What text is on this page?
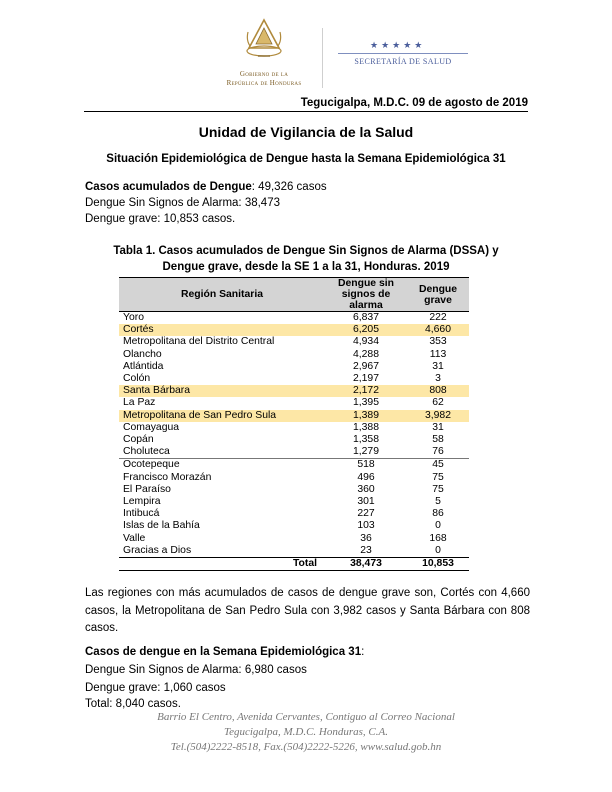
Gobierno de la
República de Honduras
★★★★★
SECRETARÍA DE SALUD
Tegucigalpa, M.D.C. 09 de agosto de 2019
Unidad de Vigilancia de la Salud
Situación Epidemiológica de Dengue hasta la Semana Epidemiológica 31
Casos acumulados de Dengue: 49,326 casos
Dengue Sin Signos de Alarma: 38,473
Dengue grave: 10,853 casos.
Tabla 1. Casos acumulados de Dengue Sin Signos de Alarma (DSSA) y
Dengue grave, desde la SE 1 a la 31, Honduras. 2019
Región Sanitaria	Dengue sin signos de alarma	Dengue grave
Yoro	6,837	222
Cortés	6,205	4,660
Metropolitana del Distrito Central	4,934	353
Olancho	4,288	113
Atlántida	2,967	31
Colón	2,197	3
Santa Bárbara	2,172	808
La Paz	1,395	62
Metropolitana de San Pedro Sula	1,389	3,982
Comayagua	1,388	31
Copán	1,358	58
Choluteca	1,279	76
Ocotepeque	518	45
Francisco Morazán	496	75
El Paraíso	360	75
Lempira	301	5
Intibucá	227	86
Islas de la Bahía	103	0
Valle	36	168
Gracias a Dios	23	0
Total	38,473	10,853
Las regiones con más acumulados de casos de dengue grave son, Cortés con 4,660 casos, la Metropolitana de San Pedro Sula con 3,982 casos y Santa Bárbara con 808 casos.
Casos de dengue en la Semana Epidemiológica 31:
Dengue Sin Signos de Alarma: 6,980 casos
Dengue grave: 1,060 casos
Total: 8,040 casos.
Barrio El Centro, Avenida Cervantes, Contiguo al Correo Nacional
Tegucigalpa, M.D.C. Honduras, C.A.
Tel.(504)2222-8518, Fax.(504)2222-5226, www.salud.gob.hn
